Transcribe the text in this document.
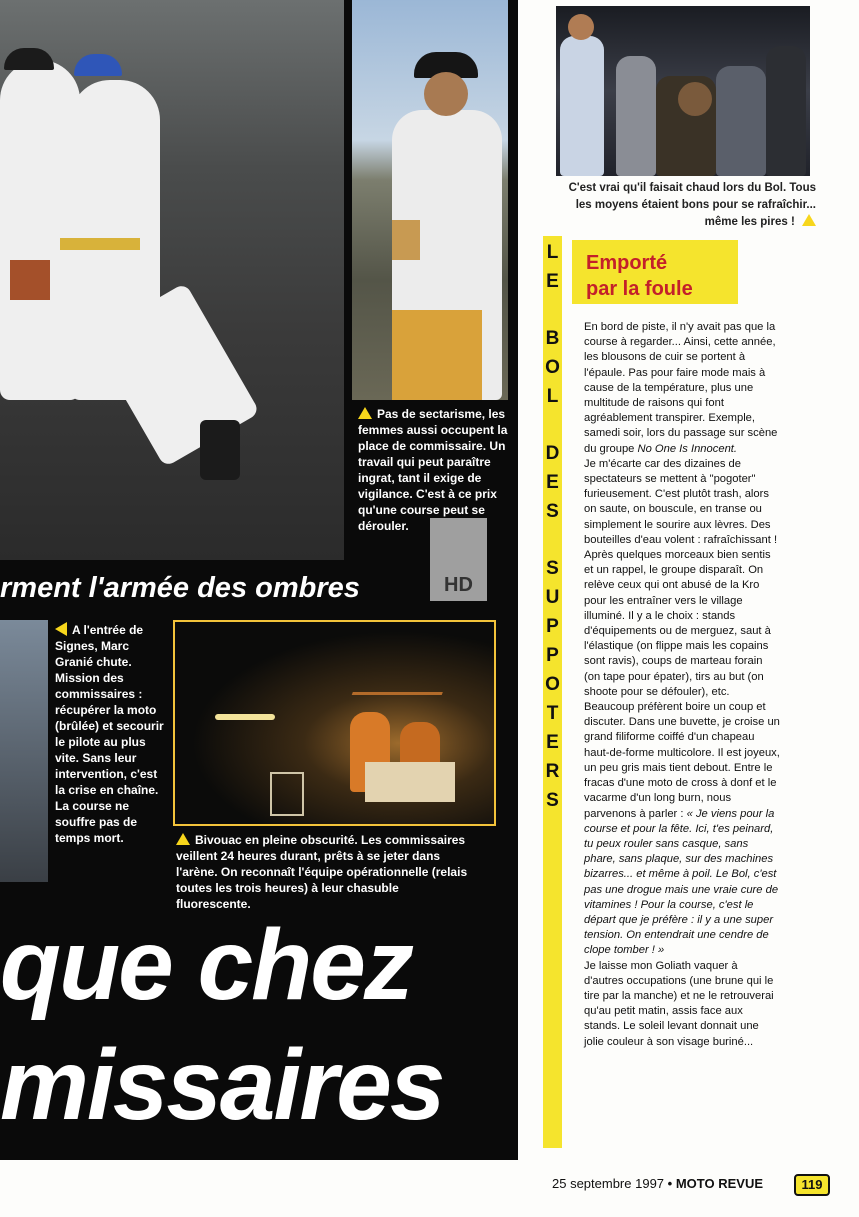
Pas de sectarisme, les femmes aussi occupent la place de commissaire. Un travail qui peut paraître ingrat, tant il exige de vigilance. C'est à ce prix qu'une course peut se dérouler.
HD
rment l'armée des ombres
A l'entrée de Signes, Marc Granié chute. Mission des commissaires : récupérer la moto (brûlée) et secourir le pilote au plus vite. Sans leur intervention, c'est la crise en chaîne. La course ne souffre pas de temps mort.	Bivouac en pleine obscurité. Les commissaires veillent 24 heures durant, prêts à se jeter dans l'arène. On reconnaît l'équipe opérationnelle (relais toutes les trois heures) à leur chasuble fluorescente.
que chez
missaires
C'est vrai qu'il faisait chaud lors du Bol. Tous les moyens étaient bons pour se rafraîchir... même les pires !
L
E
B
O
L
D
E
S
S
U
P
P
O
T
E
R
S
Emporté
par la foule

En bord de piste, il n'y avait pas que la course à regarder... Ainsi, cette année, les blousons de cuir se portent à l'épaule. Pas pour faire mode mais à cause de la température, plus une multitude de raisons qui font agréablement transpirer. Exemple, samedi soir, lors du passage sur scène du groupe No One Is Innocent.

Je m'écarte car des dizaines de spectateurs se mettent à "pogoter" furieusement. C'est plutôt trash, alors on saute, on bouscule, en transe ou simplement le sourire aux lèvres. Des bouteilles d'eau volent : rafraîchissant ! Après quelques morceaux bien sentis et un rappel, le groupe disparaît. On relève ceux qui ont abusé de la Kro pour les entraîner vers le village illuminé. Il y a le choix : stands d'équipements ou de merguez, saut à l'élastique (on flippe mais les copains sont ravis), coups de marteau forain (on tape pour épater), tirs au but (on shoote pour se défouler), etc. Beaucoup préfèrent boire un coup et discuter. Dans une buvette, je croise un grand filiforme coiffé d'un chapeau haut-de-forme multicolore. Il est joyeux, un peu gris mais tient debout. Entre le fracas d'une moto de cross à donf et le vacarme d'un long burn, nous parvenons à parler : « Je viens pour la course et pour la fête. Ici, t'es peinard, tu peux rouler sans casque, sans phare, sans plaque, sur des machines bizarres... et même à poil. Le Bol, c'est pas une drogue mais une vraie cure de vitamines ! Pour la course, c'est le départ que je préfère : il y a une super tension. On entendrait une cendre de clope tomber ! »

Je laisse mon Goliath vaquer à d'autres occupations (une brune qui le tire par la manche) et ne le retrouverai qu'au petit matin, assis face aux stands. Le soleil levant donnait une jolie couleur à son visage buriné...

25 septembre 1997 • MOTO REVUE	119
